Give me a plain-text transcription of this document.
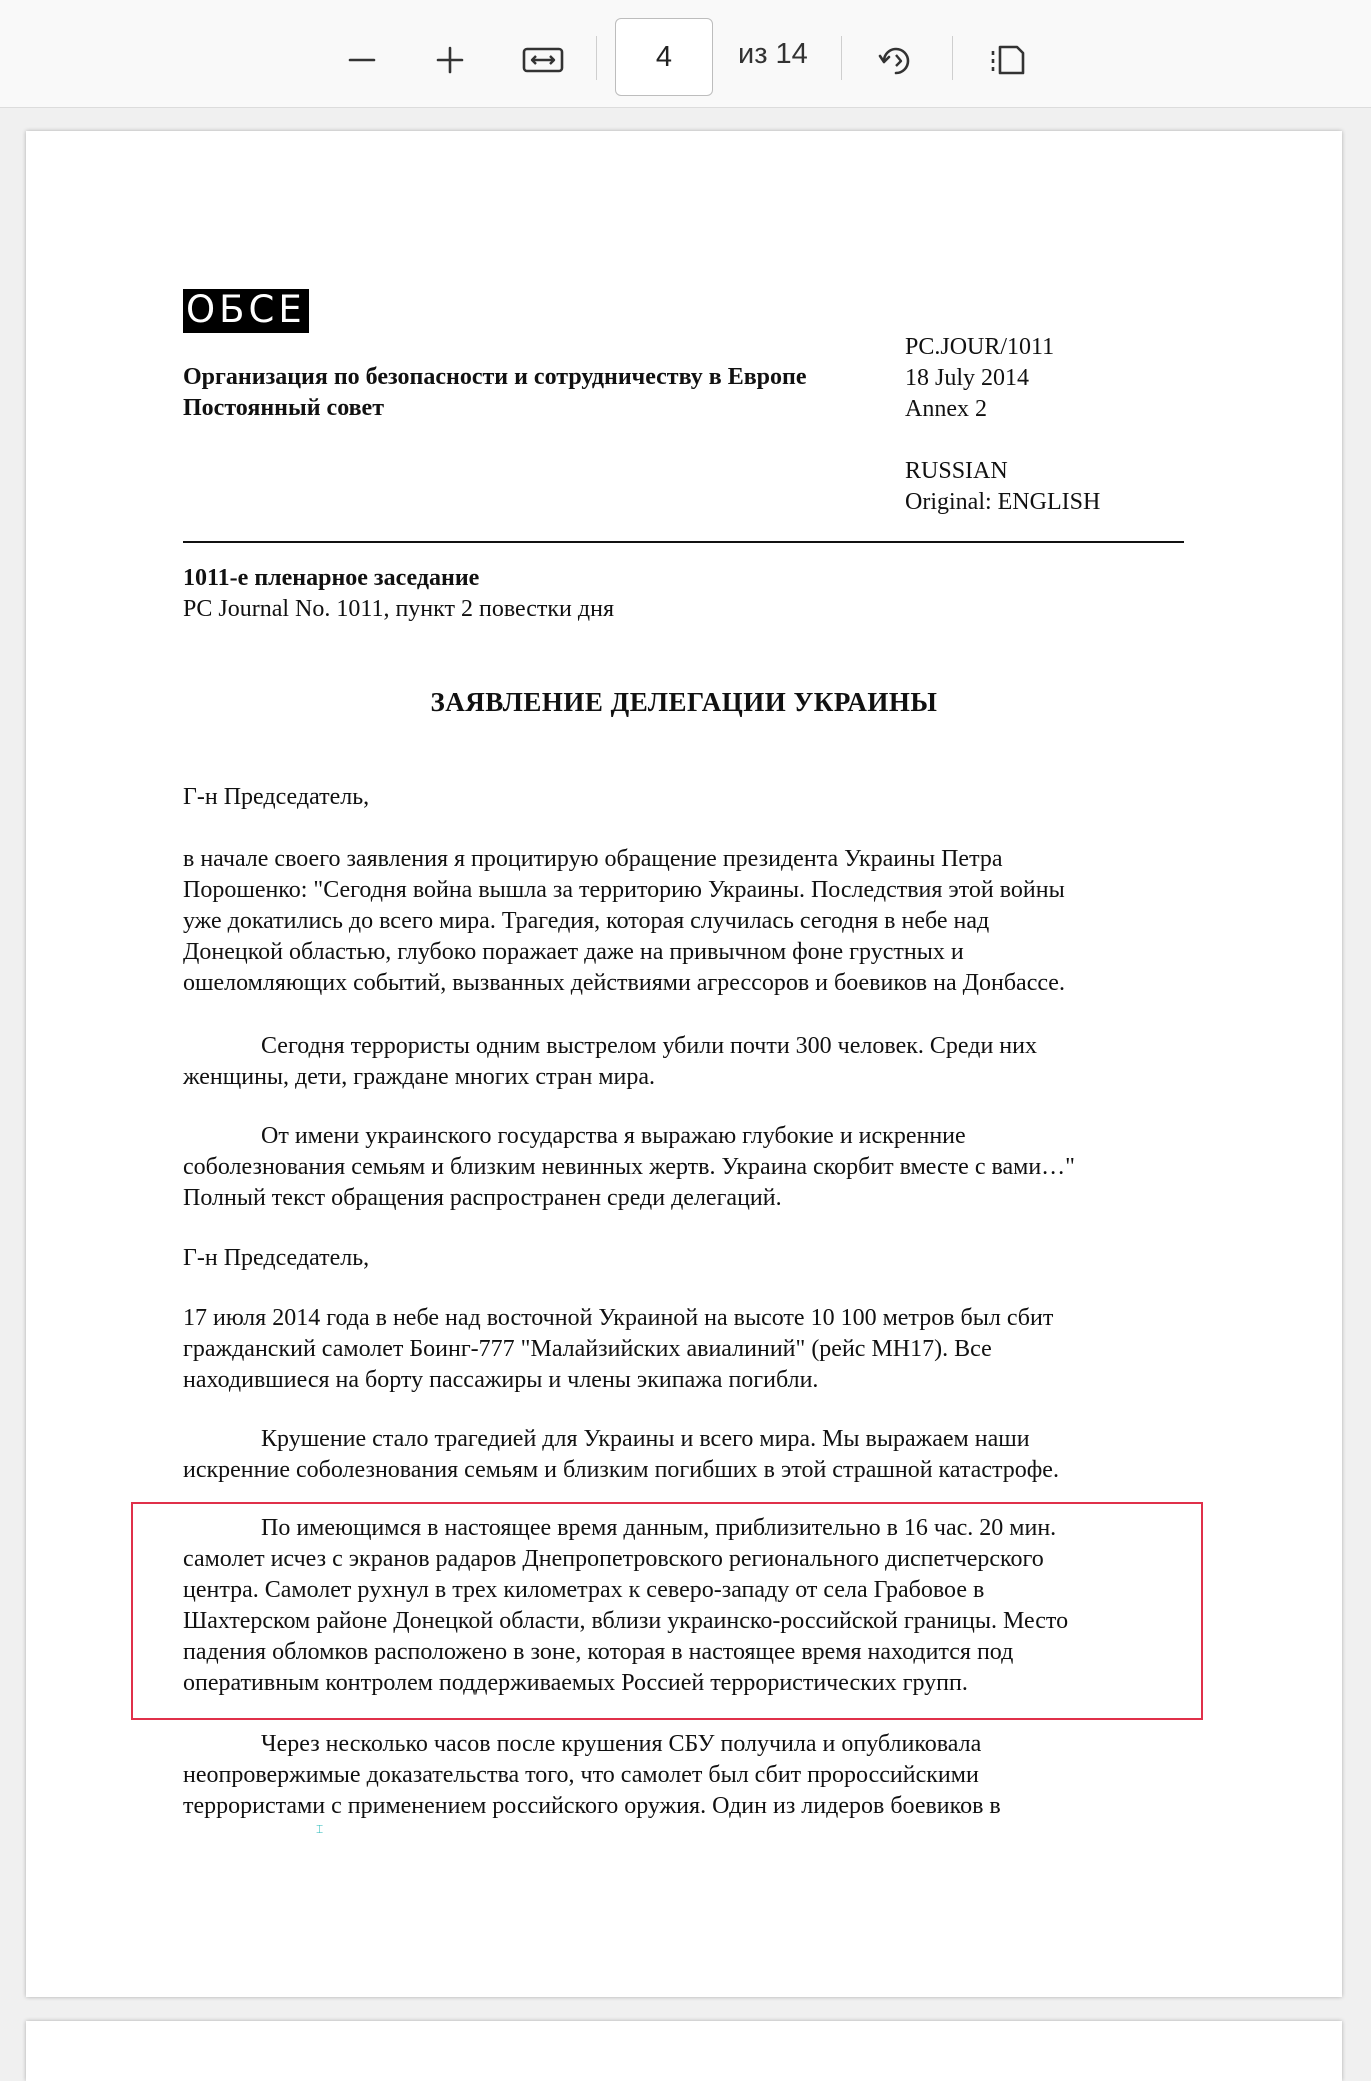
4
из 14
ОБСЕ
Организация по безопасности и сотрудничеству в Европе
Постоянный совет
PC.JOUR/1011
18 July 2014
Annex 2
RUSSIAN
Original: ENGLISH
1011-е пленарное заседание
PC Journal No. 1011, пункт 2 повестки дня
ЗАЯВЛЕНИЕ ДЕЛЕГАЦИИ УКРАИНЫ
Г-н Председатель,
в начале своего заявления я процитирую обращение президента Украины Петра
Порошенко: "Сегодня война вышла за территорию Украины. Последствия этой войны
уже докатились до всего мира. Трагедия, которая случилась сегодня в небе над
Донецкой областью, глубоко поражает даже на привычном фоне грустных и
ошеломляющих событий, вызванных действиями агрессоров и боевиков на Донбассе.
Сегодня террористы одним выстрелом убили почти 300 человек. Среди них
женщины, дети, граждане многих стран мира.
От имени украинского государства я выражаю глубокие и искренние
соболезнования семьям и близким невинных жертв. Украина скорбит вместе с вами…"
Полный текст обращения распространен среди делегаций.
Г-н Председатель,
17 июля 2014 года в небе над восточной Украиной на высоте 10 100 метров был сбит
гражданский самолет Боинг-777 "Малайзийских авиалиний" (рейс МН17). Все
находившиеся на борту пассажиры и члены экипажа погибли.
Крушение стало трагедией для Украины и всего мира. Мы выражаем наши
искренние соболезнования семьям и близким погибших в этой страшной катастрофе.
По имеющимся в настоящее время данным, приблизительно в 16 час. 20 мин.
самолет исчез с экранов радаров Днепропетровского регионального диспетчерского
центра. Самолет рухнул в трех километрах к северо-западу от села Грабовое в
Шахтерском районе Донецкой области, вблизи украинско-российской границы. Место
падения обломков расположено в зоне, которая в настоящее время находится под
оперативным контролем поддерживаемых Россией террористических групп.
Через несколько часов после крушения СБУ получила и опубликовала
неопровержимые доказательства того, что самолет был сбит пророссийскими
террористами с применением российского оружия. Один из лидеров боевиков в
⌶
